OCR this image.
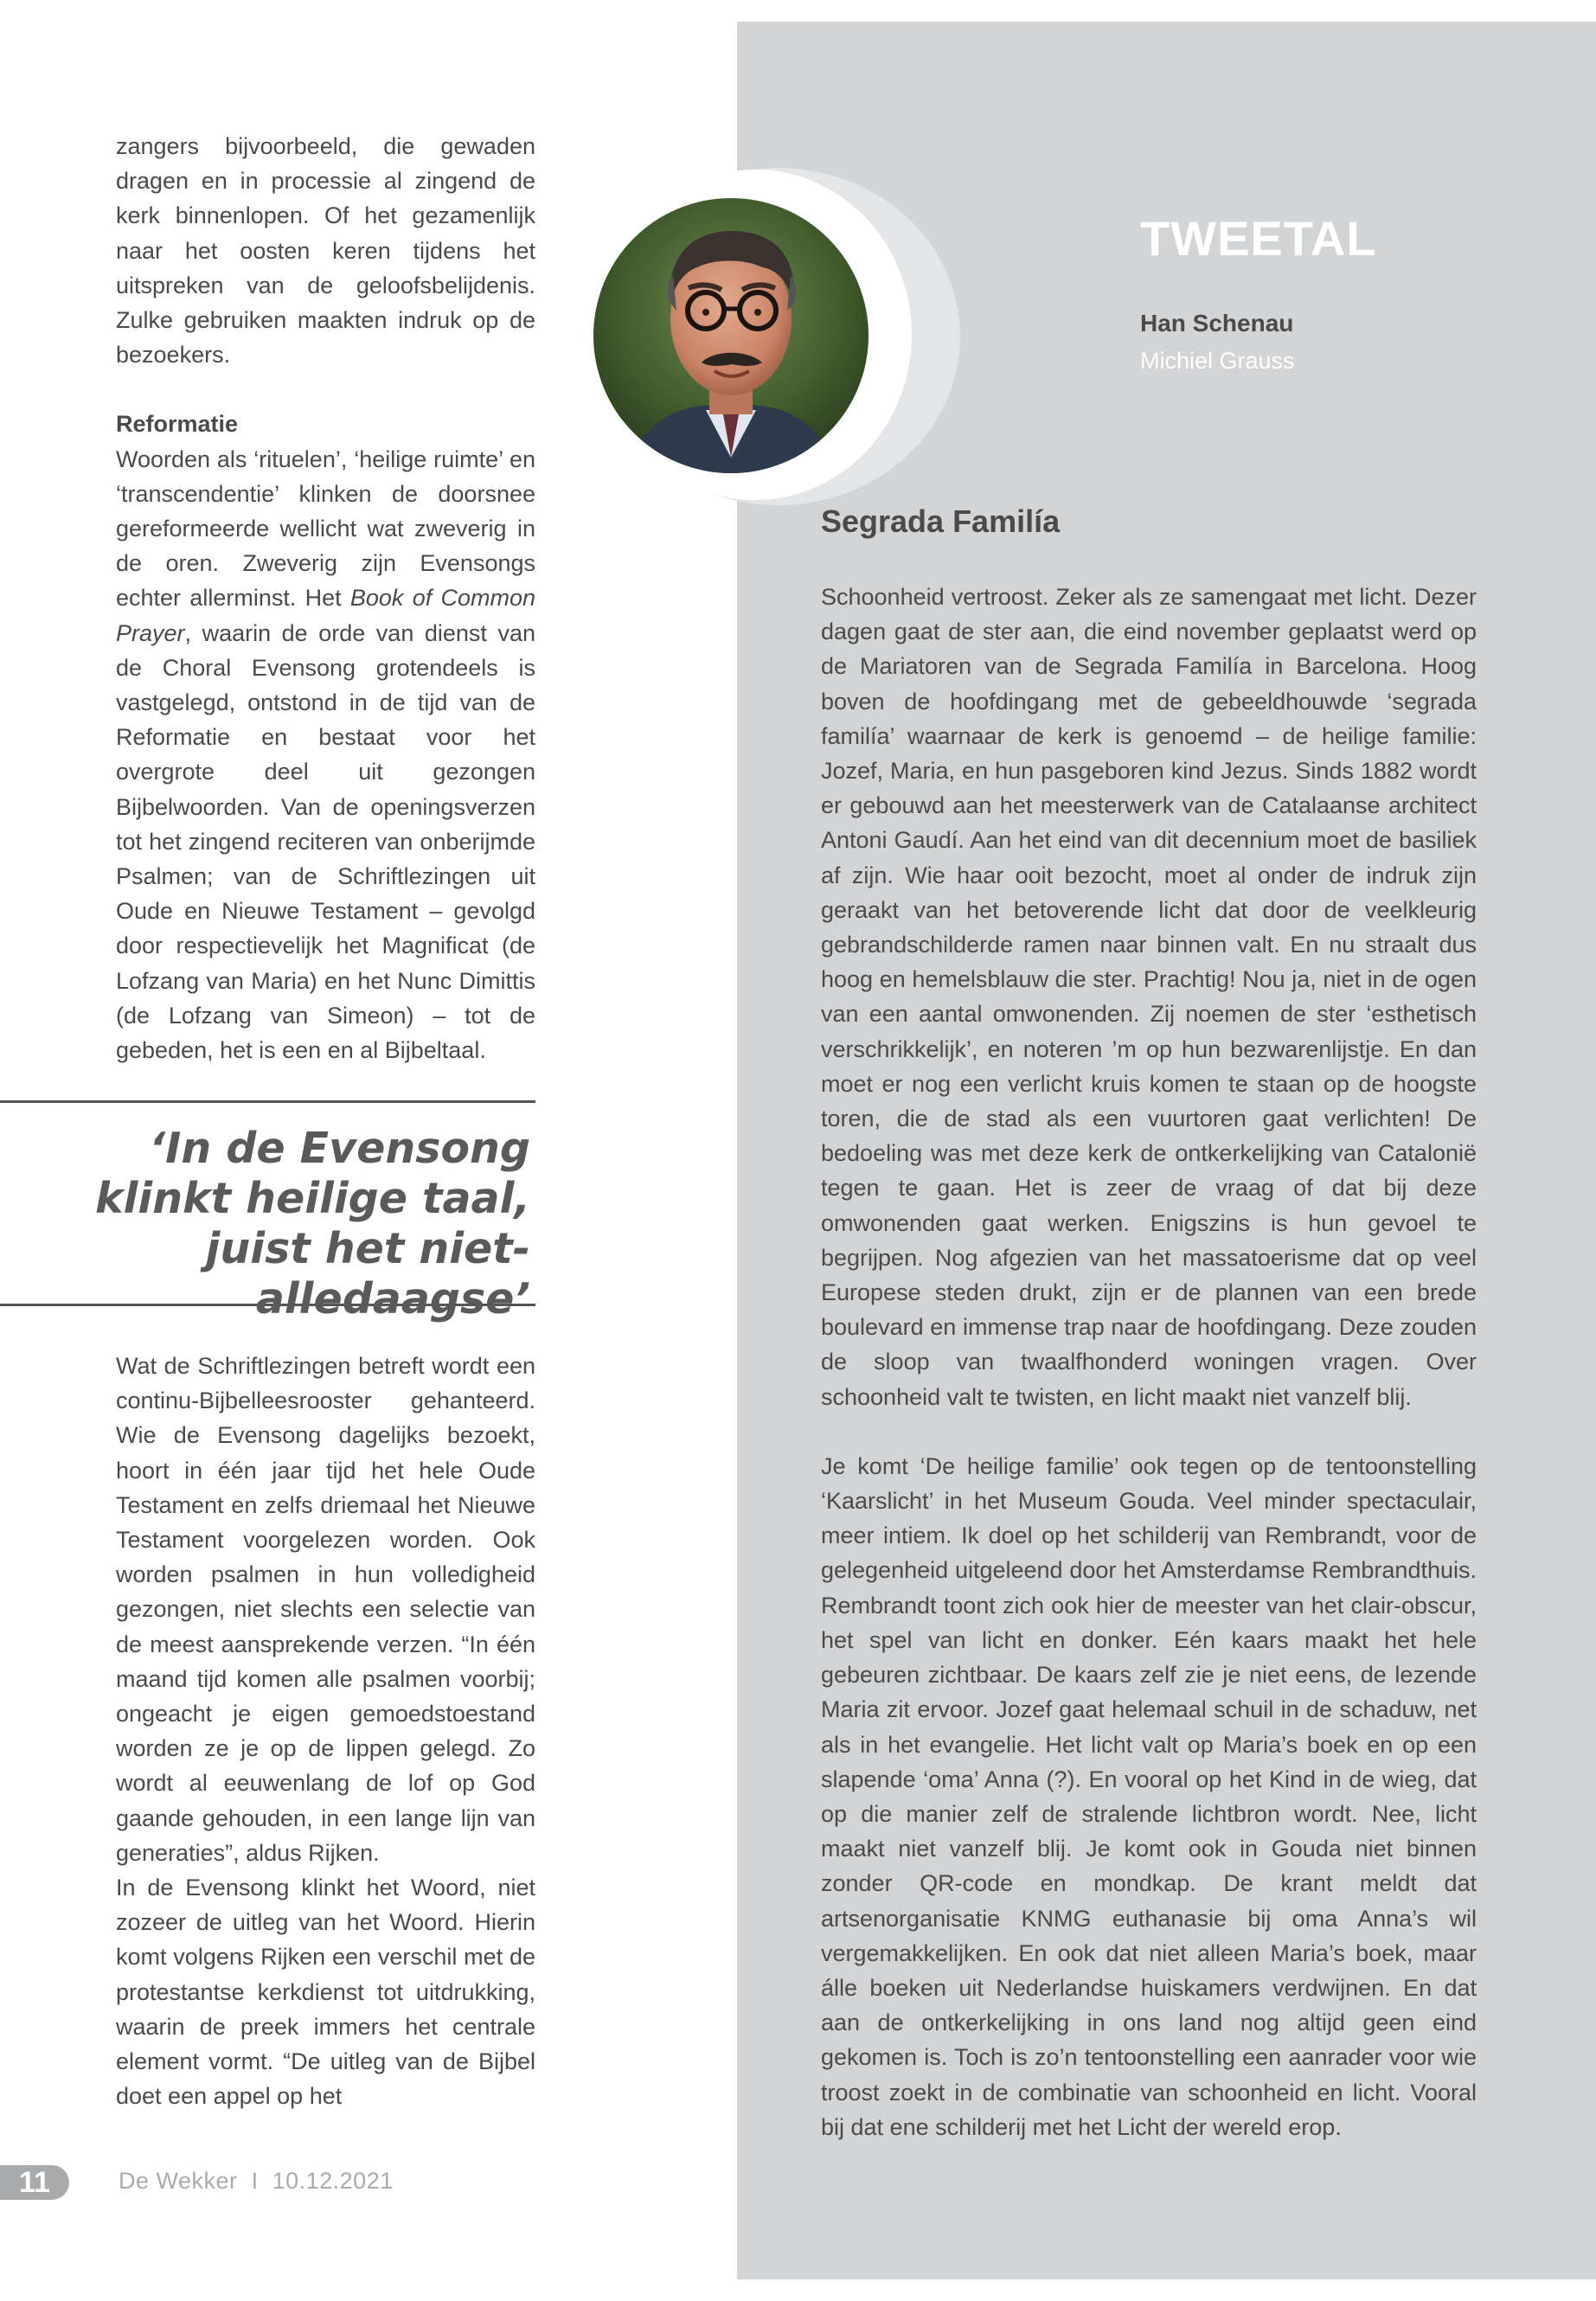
zangers bijvoorbeeld, die gewaden dragen en in processie al zingend de kerk binnenlopen. Of het gezamenlijk naar het oosten keren tijdens het uitspreken van de geloofsbelijdenis. Zulke gebruiken maakten indruk op de bezoekers.

Reformatie

Woorden als ‘rituelen’, ‘heilige ruimte’ en ‘transcendentie’ klinken de doorsnee gereformeerde wellicht wat zweverig in de oren. Zweverig zijn Evensongs echter allerminst. Het Book of Common Prayer, waarin de orde van dienst van de Choral Evensong grotendeels is vastgelegd, ontstond in de tijd van de Reformatie en bestaat voor het overgrote deel uit gezongen Bijbelwoorden. Van de openingsverzen tot het zingend reciteren van onberijmde Psalmen; van de Schriftlezingen uit Oude en Nieuwe Testament – gevolgd door respectievelijk het Magnificat (de Lofzang van Maria) en het Nunc Dimittis (de Lofzang van Simeon) – tot de gebeden, het is een en al Bijbeltaal.

‘In de Evensong klinkt heilige taal, juist het niet-alledaagse’

Wat de Schriftlezingen betreft wordt een continu-Bijbelleesrooster gehanteerd. Wie de Evensong dagelijks bezoekt, hoort in één jaar tijd het hele Oude Testament en zelfs driemaal het Nieuwe Testament voorgelezen worden. Ook worden psalmen in hun volledigheid gezongen, niet slechts een selectie van de meest aansprekende verzen. “In één maand tijd komen alle psalmen voorbij; ongeacht je eigen gemoedstoestand worden ze je op de lippen gelegd. Zo wordt al eeuwenlang de lof op God gaande gehouden, in een lange lijn van generaties”, aldus Rijken.

In de Evensong klinkt het Woord, niet zozeer de uitleg van het Woord. Hierin komt volgens Rijken een verschil met de protestantse kerkdienst tot uitdrukking, waarin de preek immers het centrale element vormt. “De uitleg van de Bijbel doet een appel op het

TWEETAL
Han Schenau
Michiel Grauss
Segrada Familía

Schoonheid vertroost. Zeker als ze samengaat met licht. Dezer dagen gaat de ster aan, die eind november geplaatst werd op de Mariatoren van de Segrada Familía in Barcelona. Hoog boven de hoofdingang met de gebeeldhouwde ‘segrada familía’ waarnaar de kerk is genoemd – de heilige familie: Jozef, Maria, en hun pasgeboren kind Jezus. Sinds 1882 wordt er gebouwd aan het meesterwerk van de Catalaanse architect Antoni Gaudí. Aan het eind van dit decennium moet de basiliek af zijn. Wie haar ooit bezocht, moet al onder de indruk zijn geraakt van het betoverende licht dat door de veelkleurig gebrandschilderde ramen naar binnen valt. En nu straalt dus hoog en hemelsblauw die ster. Prachtig! Nou ja, niet in de ogen van een aantal omwonenden. Zij noemen de ster ‘esthetisch verschrikkelijk’, en noteren ’m op hun bezwarenlijstje. En dan moet er nog een verlicht kruis komen te staan op de hoogste toren, die de stad als een vuurtoren gaat verlichten! De bedoeling was met deze kerk de ontkerkelijking van Catalonië tegen te gaan. Het is zeer de vraag of dat bij deze omwonenden gaat werken. Enigszins is hun gevoel te begrijpen. Nog afgezien van het massatoerisme dat op veel Europese steden drukt, zijn er de plannen van een brede boulevard en immense trap naar de hoofdingang. Deze zouden de sloop van twaalfhonderd woningen vragen. Over schoonheid valt te twisten, en licht maakt niet vanzelf blij.

Je komt ‘De heilige familie’ ook tegen op de tentoonstelling ‘Kaarslicht’ in het Museum Gouda. Veel minder spectaculair, meer intiem. Ik doel op het schilderij van Rembrandt, voor de gelegenheid uitgeleend door het Amsterdamse Rembrandthuis. Rembrandt toont zich ook hier de meester van het clair-obscur, het spel van licht en donker. Eén kaars maakt het hele gebeuren zichtbaar. De kaars zelf zie je niet eens, de lezende Maria zit ervoor. Jozef gaat helemaal schuil in de schaduw, net als in het evangelie. Het licht valt op Maria’s boek en op een slapende ‘oma’ Anna (?). En vooral op het Kind in de wieg, dat op die manier zelf de stralende lichtbron wordt. Nee, licht maakt niet vanzelf blij. Je komt ook in Gouda niet binnen zonder QR-code en mondkap. De krant meldt dat artsenorganisatie KNMG euthanasie bij oma Anna’s wil vergemakkelijken. En ook dat niet alleen Maria’s boek, maar álle boeken uit Nederlandse huiskamers verdwijnen. En dat aan de ontkerkelijking in ons land nog altijd geen eind gekomen is. Toch is zo’n tentoonstelling een aanrader voor wie troost zoekt in de combinatie van schoonheid en licht. Vooral bij dat ene schilderij met het Licht der wereld erop.

11	De Wekker I 10.12.2021
